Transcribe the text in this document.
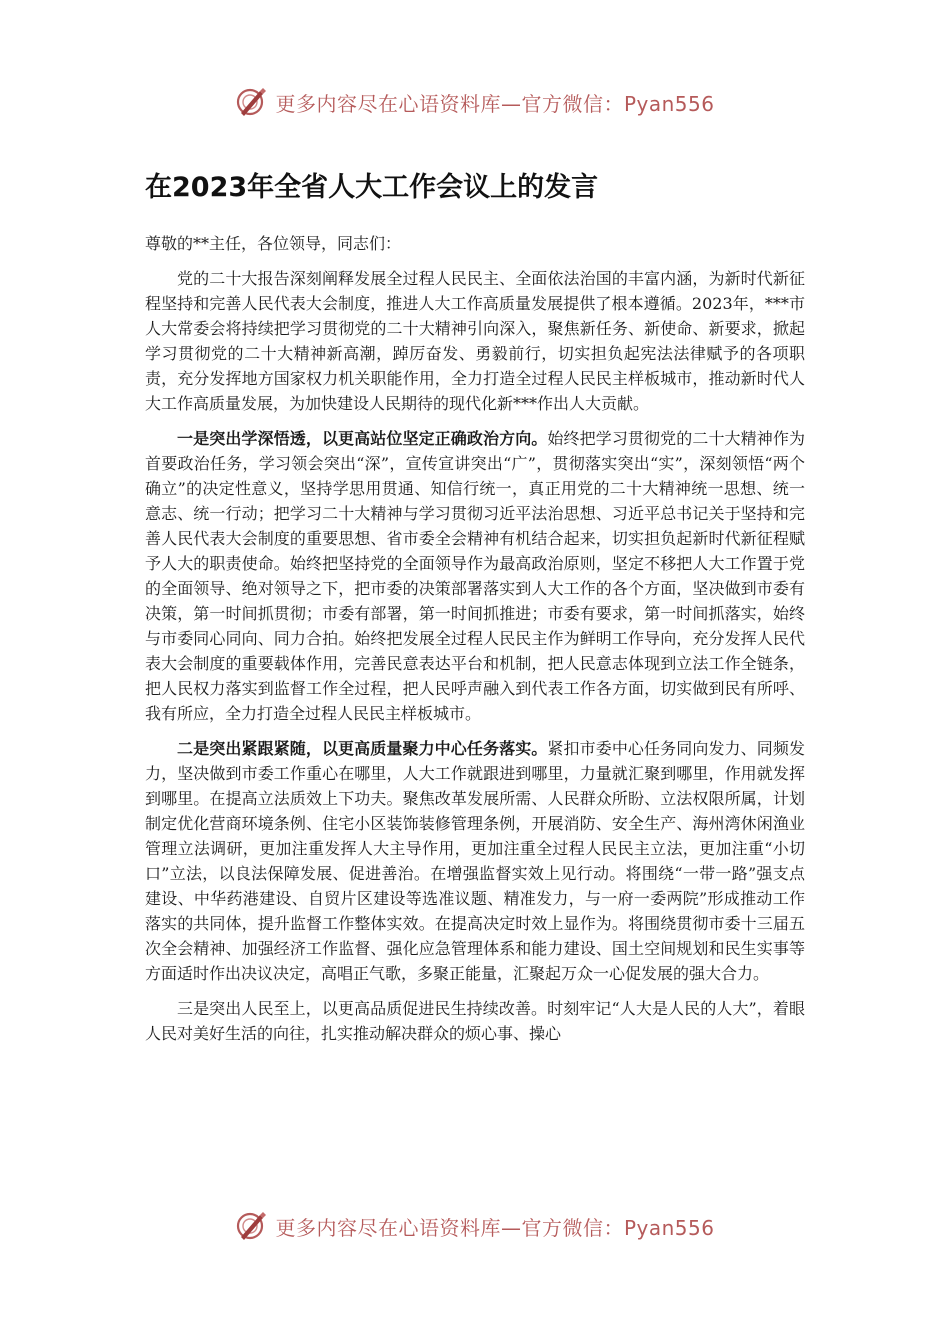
更多内容尽在心语资料库—官方微信：Pyan556
在2023年全省人大工作会议上的发言

尊敬的**主任，各位领导，同志们：

党的二十大报告深刻阐释发展全过程人民民主、全面依法治国的丰富内涵，为新时代新征程坚持和完善人民代表大会制度，推进人大工作高质量发展提供了根本遵循。2023年，***市人大常委会将持续把学习贯彻党的二十大精神引向深入，聚焦新任务、新使命、新要求，掀起学习贯彻党的二十大精神新高潮，踔厉奋发、勇毅前行，切实担负起宪法法律赋予的各项职责，充分发挥地方国家权力机关职能作用，全力打造全过程人民民主样板城市，推动新时代人大工作高质量发展，为加快建设人民期待的现代化新***作出人大贡献。

一是突出学深悟透，以更高站位坚定正确政治方向。始终把学习贯彻党的二十大精神作为首要政治任务，学习领会突出“深”，宣传宣讲突出“广”，贯彻落实突出“实”，深刻领悟“两个确立”的决定性意义，坚持学思用贯通、知信行统一，真正用党的二十大精神统一思想、统一意志、统一行动；把学习二十大精神与学习贯彻习近平法治思想、习近平总书记关于坚持和完善人民代表大会制度的重要思想、省市委全会精神有机结合起来，切实担负起新时代新征程赋予人大的职责使命。始终把坚持党的全面领导作为最高政治原则，坚定不移把人大工作置于党的全面领导、绝对领导之下，把市委的决策部署落实到人大工作的各个方面，坚决做到市委有决策，第一时间抓贯彻；市委有部署，第一时间抓推进；市委有要求，第一时间抓落实，始终与市委同心同向、同力合拍。始终把发展全过程人民民主作为鲜明工作导向，充分发挥人民代表大会制度的重要载体作用，完善民意表达平台和机制，把人民意志体现到立法工作全链条，把人民权力落实到监督工作全过程，把人民呼声融入到代表工作各方面，切实做到民有所呼、我有所应，全力打造全过程人民民主样板城市。

二是突出紧跟紧随，以更高质量聚力中心任务落实。紧扣市委中心任务同向发力、同频发力，坚决做到市委工作重心在哪里，人大工作就跟进到哪里，力量就汇聚到哪里，作用就发挥到哪里。在提高立法质效上下功夫。聚焦改革发展所需、人民群众所盼、立法权限所属，计划制定优化营商环境条例、住宅小区装饰装修管理条例，开展消防、安全生产、海州湾休闲渔业管理立法调研，更加注重发挥人大主导作用，更加注重全过程人民民主立法，更加注重“小切口”立法，以良法保障发展、促进善治。在增强监督实效上见行动。将围绕“一带一路”强支点建设、中华药港建设、自贸片区建设等选准议题、精准发力，与一府一委两院”形成推动工作落实的共同体，提升监督工作整体实效。在提高决定时效上显作为。将围绕贯彻市委十三届五次全会精神、加强经济工作监督、强化应急管理体系和能力建设、国土空间规划和民生实事等方面适时作出决议决定，高唱正气歌，多聚正能量，汇聚起万众一心促发展的强大合力。

三是突出人民至上，以更高品质促进民生持续改善。时刻牢记“人大是人民的人大”，着眼人民对美好生活的向往，扎实推动解决群众的烦心事、操心

更多内容尽在心语资料库—官方微信：Pyan556
